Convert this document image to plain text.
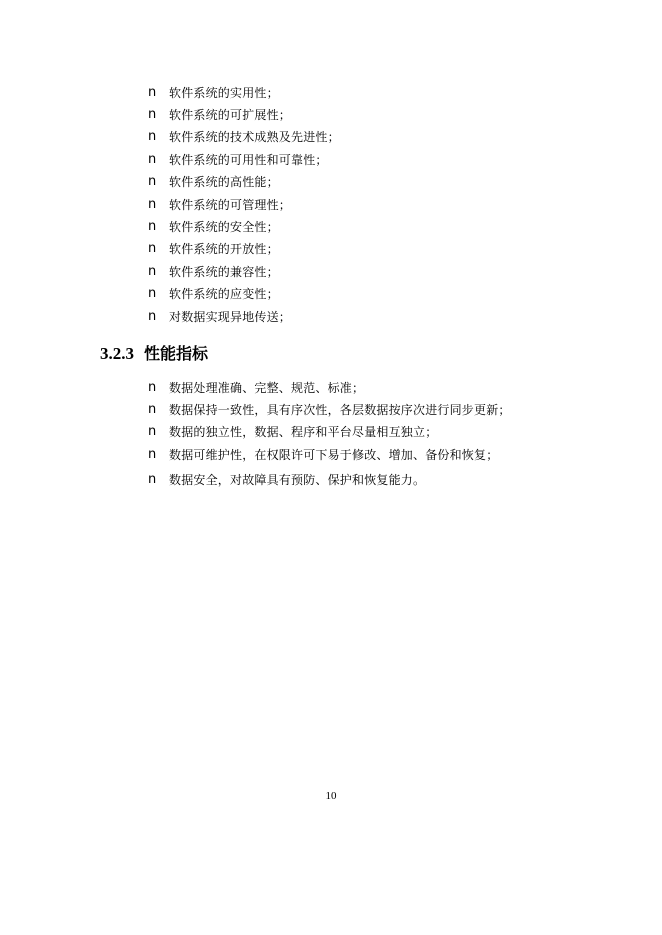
n	软件系统的实用性；
n	软件系统的可扩展性；
n	软件系统的技术成熟及先进性；
n	软件系统的可用性和可靠性；
n	软件系统的高性能；
n	软件系统的可管理性；
n	软件系统的安全性；
n	软件系统的开放性；
n	软件系统的兼容性；
n	软件系统的应变性；
n	对数据实现异地传送；
3.2.3 性能指标
n	数据处理准确、完整、规范、标准；
n	数据保持一致性，具有序次性，各层数据按序次进行同步更新；
n	数据的独立性，数据、程序和平台尽量相互独立；
n	数据可维护性，在权限许可下易于修改、增加、备份和恢复；
n	数据安全，对故障具有预防、保护和恢复能力。
10
